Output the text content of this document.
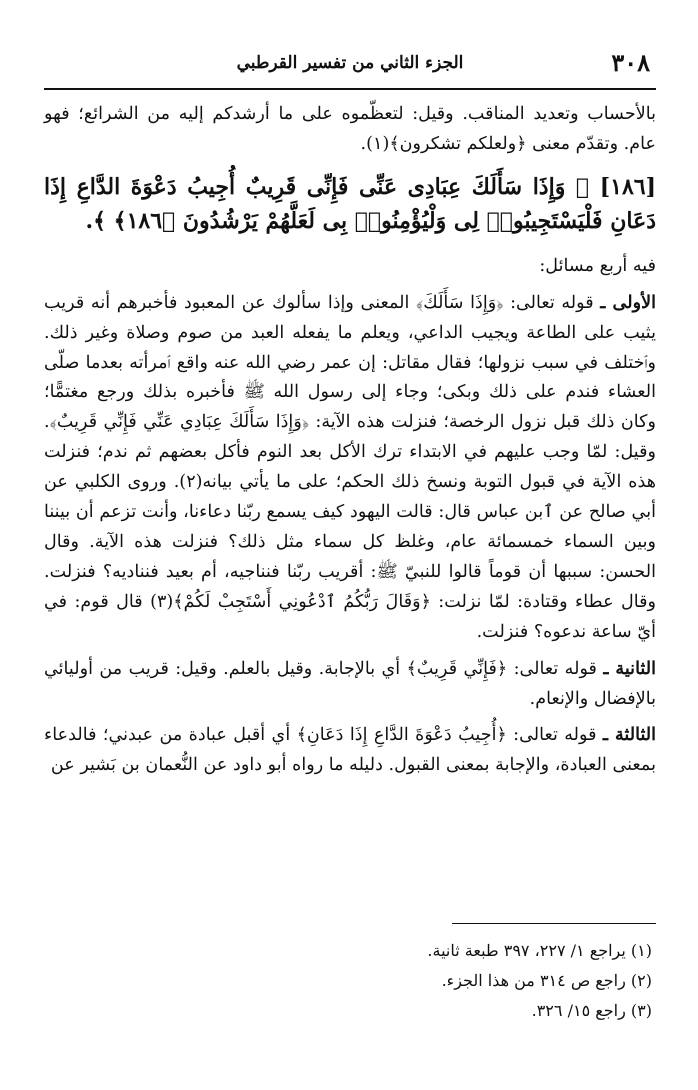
٣٠٨
الجزء الثاني من تفسير القرطبي

بالأحساب وتعديد المناقب. وقيل: لتعظّموه على ما أرشدكم إليه من الشرائع؛ فهو عام. وتقدّم معنى ﴿ولعلكم تشكرون﴾(١).

[١٨٦] ﴿ وَإِذَا سَأَلَكَ عِبَادِى عَنِّى فَإِنِّى قَرِيبٌ أُجِيبُ دَعْوَةَ الدَّاعِ إِذَا دَعَانِ فَلْيَسْتَجِيبُوا۟ لِى وَلْيُؤْمِنُوا۟ بِى لَعَلَّهُمْ يَرْشُدُونَ ﴿١٨٦﴾ ﴾.

فيه أربع مسائل:

الأولى ـ قوله تعالى: ﴿وَإِذَا سَأَلَكَ﴾ المعنى وإذا سألوك عن المعبود فأخبرهم أنه قريب يثيب على الطاعة ويجيب الداعي، ويعلم ما يفعله العبد من صوم وصلاة وغير ذلك. وٱختلف في سبب نزولها؛ فقال مقاتل: إن عمر رضي الله عنه واقع ٱمرأته بعدما صلّى العشاء فندم على ذلك وبكى؛ وجاء إلى رسول الله ﷺ فأخبره بذلك ورجع مغتمًّا؛ وكان ذلك قبل نزول الرخصة؛ فنزلت هذه الآية: ﴿وَإِذَا سَأَلَكَ عِبَادِي عَنِّي فَإِنِّي قَرِيبٌ﴾. وقيل: لمّا وجب عليهم في الابتداء ترك الأكل بعد النوم فأكل بعضهم ثم ندم؛ فنزلت هذه الآية في قبول التوبة ونسخ ذلك الحكم؛ على ما يأتي بيانه(٢). وروى الكلبي عن أبي صالح عن ٱبن عباس قال: قالت اليهود كيف يسمع ربّنا دعاءنا، وأنت تزعم أن بيننا وبين السماء خمسمائة عام، وغلظ كل سماء مثل ذلك؟ فنزلت هذه الآية. وقال الحسن: سببها أن قوماً قالوا للنبيّ ﷺ: أقريب ربّنا فنناجيه، أم بعيد فنناديه؟ فنزلت. وقال عطاء وقتادة: لمّا نزلت: ﴿وَقَالَ رَبُّكُمُ ٱدْعُونِي أَسْتَجِبْ لَكُمْ﴾(٣) قال قوم: في أيّ ساعة ندعوه؟ فنزلت.

الثانية ـ قوله تعالى: ﴿فَإِنِّي قَرِيبٌ﴾ أي بالإجابة. وقيل بالعلم. وقيل: قريب من أوليائي بالإفضال والإنعام.

الثالثة ـ قوله تعالى: ﴿أُجِيبُ دَعْوَةَ الدَّاعِ إِذَا دَعَانِ﴾ أي أقبل عبادة من عبدني؛ فالدعاء بمعنى العبادة، والإجابة بمعنى القبول. دليله ما رواه أبو داود عن النُّعمان بن بَشير عن

(١) يراجع ١/ ٢٢٧، ٣٩٧ طبعة ثانية.
(٢) راجع ص ٣١٤ من هذا الجزء.
(٣) راجع ١٥/ ٣٢٦.
